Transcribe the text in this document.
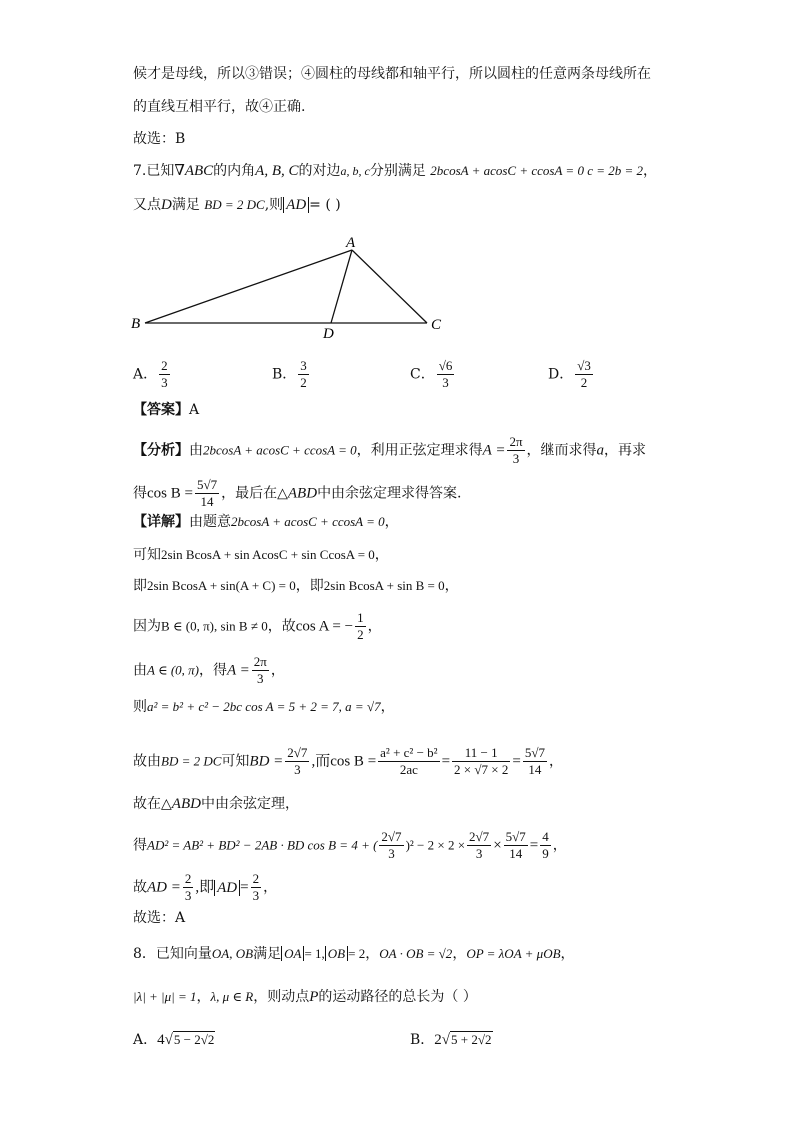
候才是母线，所以③错误；④圆柱的母线都和轴平行，所以圆柱的任意两条母线所在
的直线互相平行，故④正确.
故选：B
7.已知∇ABC的内角A, B, C的对边a, b, c分别满足 2bcosA + acosC + ccosA = 0 c = 2b = 2，
又点D满足 BD = 2 DC,则 AD = ( )
A
B	C
D
A． $\frac{2}{3}$	B． $\frac{3}{2}$	C． $\frac{√6}{3}$	D． $\frac{√3}{2}$
【答案】A
【分析】由2bcosA + acosC + ccosA = 0，利用正弦定理求得$A = \frac{2\pi}{3}$ ，继而求得a，再求
得$\cos B = \frac{5√7}{14}$ ，最后在△ABD中由余弦定理求得答案.
【详解】由题意2bcosA + acosC + ccosA = 0，
可知2sin BcosA + sin AcosC + sin CcosA = 0，
即2sin BcosA + sin(A + C) = 0，即2sin BcosA + sin B = 0，
因为B ∈ (0, π), sin B ≠ 0，故cos A = − $\frac{1}{2}$ ，
由A ∈ (0, π)，得$A = \frac{2\pi}{3}$ ，
则a² = b² + c² − 2bc cos A = 5 + 2 = 7, a = √7，
故由BD = 2 DC可知BD = $\frac{2√7}{3}$ ,而$\cos B = \frac{\text{a² + c² − b²}}{2ac} = \frac{11 - 1}{2 \times √7 \times 2} = \frac{5√7}{14}$ ，
故在△ABD中由余弦定理，
得AD² = AB² + BD² − 2AB · BD cos B = 4 + ( $\frac{2√7}{3} )^2 - 2 \times 2 \times \frac{2√7}{3} \times \frac{5√7}{14} = \frac{4}{9}$ ，
故AD = $\frac{2}{3}$ ,即 AD = $\frac{2}{3}$ ，
故选：A
8．已知向量OA, OB满足 OA = 1, OB = 2，OA · OB = √2，OP = λOA + μOB，
|λ| + |μ| = 1，λ, μ ∈ R，则动点P的运动路径的总长为（ ）
A．4√5 − 2√2	B．2√5 + 2√2
